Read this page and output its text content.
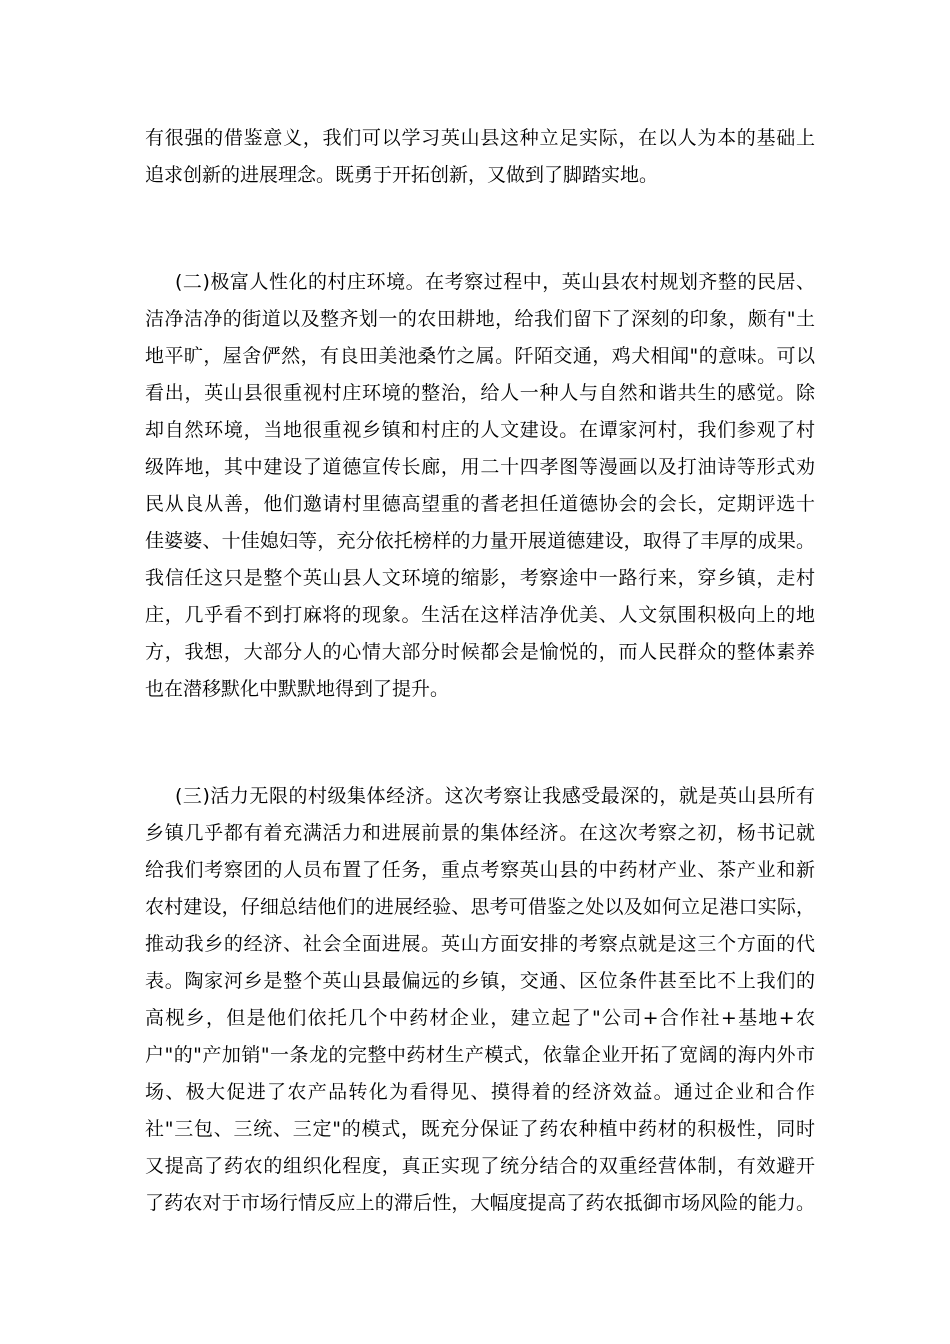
有很强的借鉴意义，我们可以学习英山县这种立足实际，在以人为本的基础上
追求创新的进展理念。既勇于开拓创新，又做到了脚踏实地。
(二)极富人性化的村庄环境。在考察过程中，英山县农村规划齐整的民居、
洁净洁净的街道以及整齐划一的农田耕地，给我们留下了深刻的印象，颇有"土
地平旷，屋舍俨然，有良田美池桑竹之属。阡陌交通，鸡犬相闻"的意味。可以
看出，英山县很重视村庄环境的整治，给人一种人与自然和谐共生的感觉。除
却自然环境，当地很重视乡镇和村庄的人文建设。在谭家河村，我们参观了村
级阵地，其中建设了道德宣传长廊，用二十四孝图等漫画以及打油诗等形式劝
民从良从善，他们邀请村里德高望重的耆老担任道德协会的会长，定期评选十
佳婆婆、十佳媳妇等，充分依托榜样的力量开展道德建设，取得了丰厚的成果。
我信任这只是整个英山县人文环境的缩影，考察途中一路行来，穿乡镇，走村
庄，几乎看不到打麻将的现象。生活在这样洁净优美、人文氛围积极向上的地
方，我想，大部分人的心情大部分时候都会是愉悦的，而人民群众的整体素养
也在潜移默化中默默地得到了提升。
(三)活力无限的村级集体经济。这次考察让我感受最深的，就是英山县所有
乡镇几乎都有着充满活力和进展前景的集体经济。在这次考察之初，杨书记就
给我们考察团的人员布置了任务，重点考察英山县的中药材产业、茶产业和新
农村建设，仔细总结他们的进展经验、思考可借鉴之处以及如何立足港口实际，
推动我乡的经济、社会全面进展。英山方面安排的考察点就是这三个方面的代
表。陶家河乡是整个英山县最偏远的乡镇，交通、区位条件甚至比不上我们的
高枧乡，但是他们依托几个中药材企业，建立起了"公司+合作社+基地+农
户"的"产加销"一条龙的完整中药材生产模式，依靠企业开拓了宽阔的海内外市
场、极大促进了农产品转化为看得见、摸得着的经济效益。通过企业和合作
社"三包、三统、三定"的模式，既充分保证了药农种植中药材的积极性，同时
又提高了药农的组织化程度，真正实现了统分结合的双重经营体制，有效避开
了药农对于市场行情反应上的滞后性，大幅度提高了药农抵御市场风险的能力。
